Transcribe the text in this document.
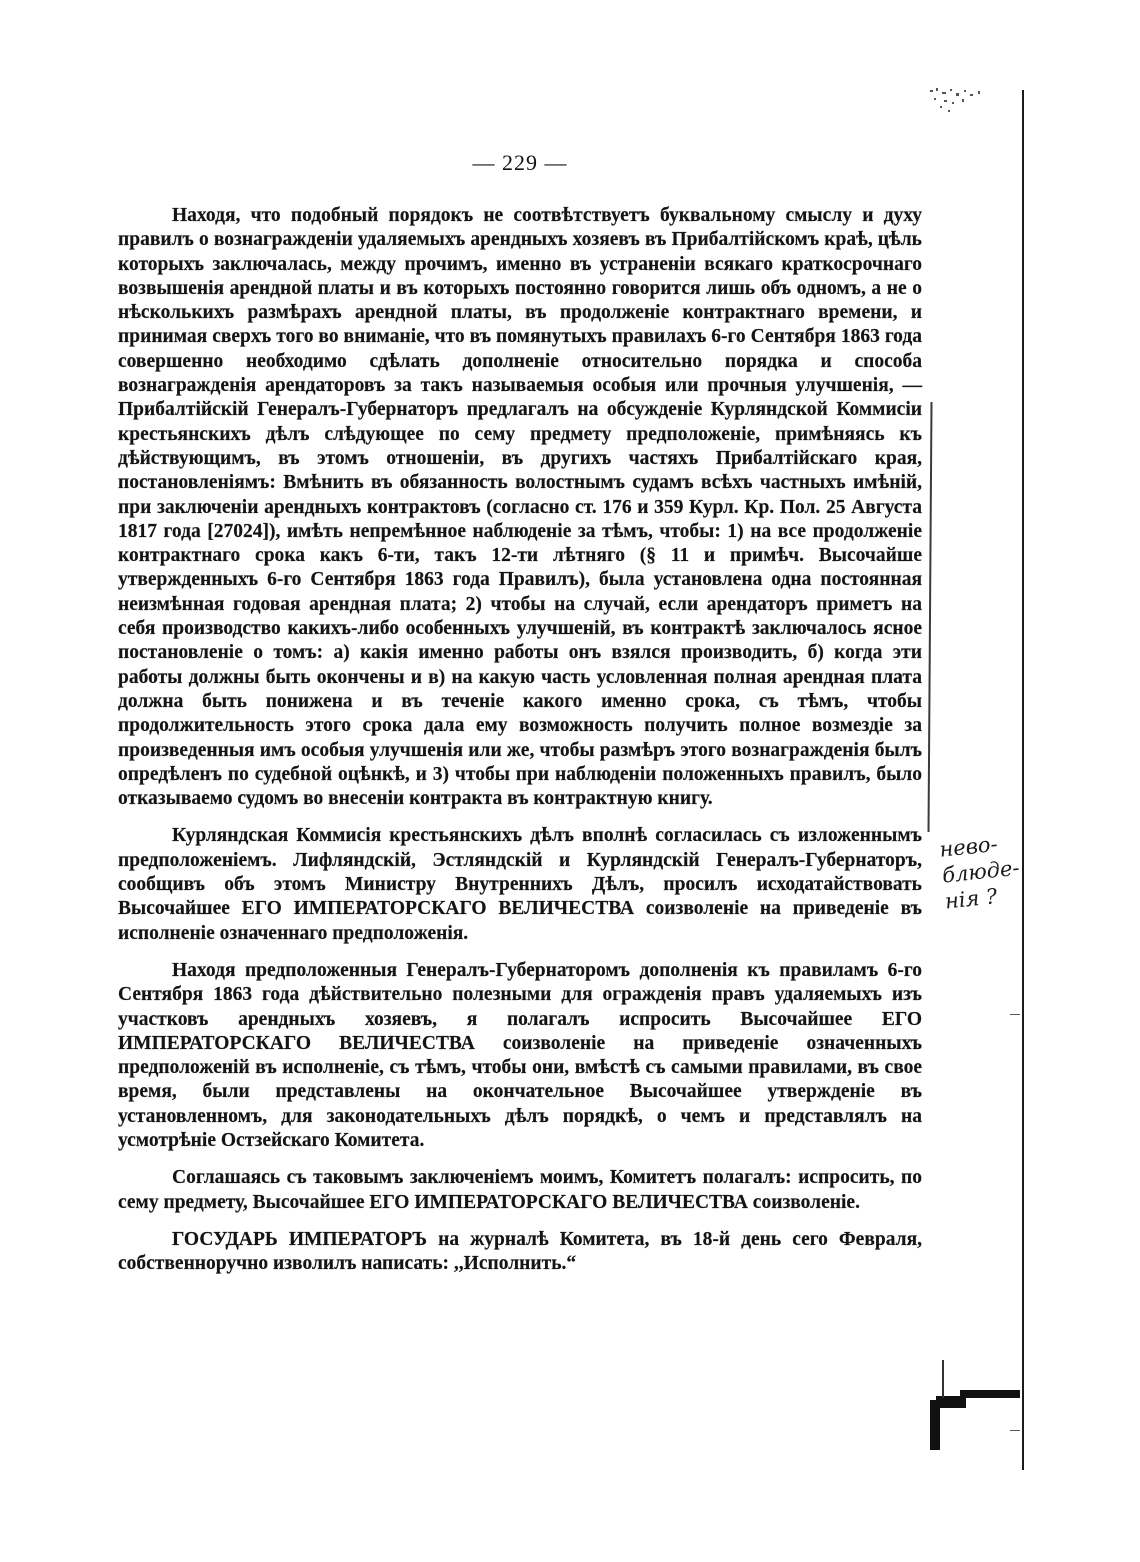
— 229 —

Находя, что подобный порядокъ не соотвѣтствуетъ буквальному смыслу и духу правилъ о вознагражденіи удаляемыхъ арендныхъ хозяевъ въ Прибалтійскомъ краѣ, цѣль которыхъ заключалась, между прочимъ, именно въ устраненіи всякаго краткосрочнаго возвышенія арендной платы и въ которыхъ постоянно говорится лишь объ одномъ, а не о нѣсколькихъ размѣрахъ арендной платы, въ продолженіе контрактнаго времени, и принимая сверхъ того во вниманіе, что въ помянутыхъ правилахъ 6-го Сентября 1863 года совершенно необходимо сдѣлать дополненіе относительно порядка и способа вознагражденія арендаторовъ за такъ называемыя особыя или прочныя улучшенія, — Прибалтійскій Генералъ-Губернаторъ предлагалъ на обсужденіе Курляндской Коммисіи крестьянскихъ дѣлъ слѣдующее по сему предмету предположеніе, примѣняясь къ дѣйствующимъ, въ этомъ отношеніи, въ другихъ частяхъ Прибалтійскаго края, постановленіямъ: Вмѣнить въ обязанность волостнымъ судамъ всѣхъ частныхъ имѣній, при заключеніи арендныхъ контрактовъ (согласно ст. 176 и 359 Курл. Кр. Пол. 25 Августа 1817 года [27024]), имѣть непремѣнное наблюденіе за тѣмъ, чтобы: 1) на все продолженіе контрактнаго срока какъ 6-ти, такъ 12-ти лѣтняго (§ 11 и примѣч. Высочайше утвержденныхъ 6-го Сентября 1863 года Правилъ), была установлена одна постоянная неизмѣнная годовая арендная плата; 2) чтобы на случай, если арендаторъ приметъ на себя производство какихъ-либо особенныхъ улучшеній, въ контрактѣ заключалось ясное постановленіе о томъ: а) какія именно работы онъ взялся производить, б) когда эти работы должны быть окончены и в) на какую часть условленная полная арендная плата должна быть понижена и въ теченіе какого именно срока, съ тѣмъ, чтобы продолжительность этого срока дала ему возможность получить полное возмездіе за произведенныя имъ особыя улучшенія или же, чтобы размѣръ этого вознагражденія былъ опредѣленъ по судебной оцѣнкѣ, и 3) чтобы при наблюденіи положенныхъ правилъ, было отказываемо судомъ во внесеніи контракта въ контрактную книгу.

Курляндская Коммисія крестьянскихъ дѣлъ вполнѣ согласилась съ изложеннымъ предположеніемъ. Лифляндскій, Эстляндскій и Курляндскій Генералъ-Губернаторъ, сообщивъ объ этомъ Министру Внутреннихъ Дѣлъ, просилъ исходатайствовать Высочайшее ЕГО ИМПЕРАТОРСКАГО ВЕЛИЧЕСТВА соизволеніе на приведеніе въ исполненіе означеннаго предположенія.

Находя предположенныя Генералъ-Губернаторомъ дополненія къ правиламъ 6-го Сентября 1863 года дѣйствительно полезными для огражденія правъ удаляемыхъ изъ участковъ арендныхъ хозяевъ, я полагалъ испросить Высочайшее ЕГО ИМПЕРАТОРСКАГО ВЕЛИЧЕСТВА соизволеніе на приведеніе означенныхъ предположеній въ исполненіе, съ тѣмъ, чтобы они, вмѣстѣ съ самыми правилами, въ свое время, были представлены на окончательное Высочайшее утвержденіе въ установленномъ, для законодательныхъ дѣлъ порядкѣ, о чемъ и представлялъ на усмотрѣніе Остзейскаго Комитета.

Соглашаясь съ таковымъ заключеніемъ моимъ, Комитетъ полагалъ: испросить, по сему предмету, Высочайшее ЕГО ИМПЕРАТОРСКАГО ВЕЛИЧЕСТВА соизволеніе.

ГОСУДАРЬ ИМПЕРАТОРЪ на журналѣ Комитета, въ 18-й день сего Февраля, собственноручно изволилъ написать: ,,Исполнить.“

нево-
блюде-
нія ?
